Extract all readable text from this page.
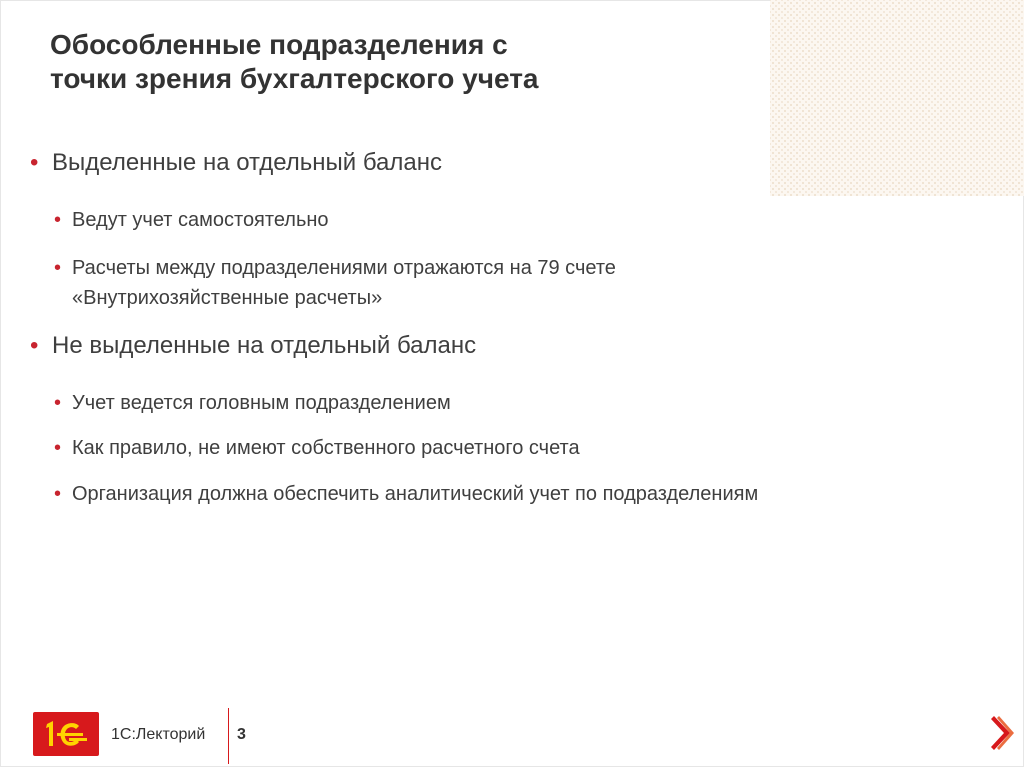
Обособленные подразделения с
точки зрения бухгалтерского учета
• Выделенные на отдельный баланс
• Ведут учет самостоятельно
• Расчеты между подразделениями отражаются на 79 счете
«Внутрихозяйственные расчеты»
• Не выделенные на отдельный баланс
• Учет ведется головным подразделением
• Как правило, не имеют собственного расчетного счета
• Организация должна обеспечить аналитический учет по подразделениям
1С:Лекторий 3
